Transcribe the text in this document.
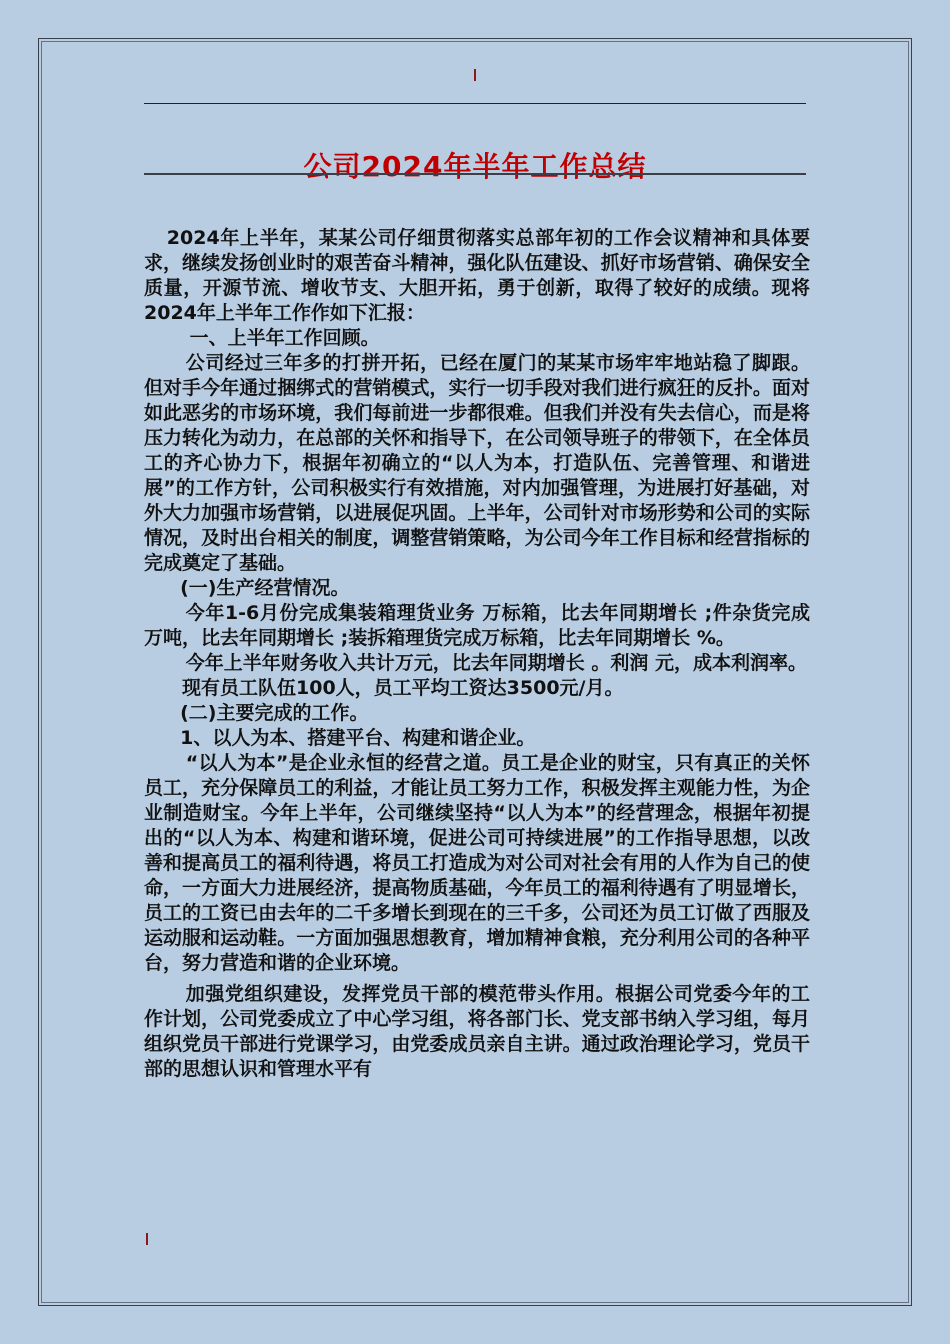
公司2024年半年工作总结

2024年上半年，某某公司仔细贯彻落实总部年初的工作会议精神和具体要求，继续发扬创业时的艰苦奋斗精神，强化队伍建设、抓好市场营销、确保安全质量，开源节流、增收节支、大胆开拓，勇于创新，取得了较好的成绩。现将2024年上半年工作作如下汇报：

一、上半年工作回顾。

公司经过三年多的打拼开拓，已经在厦门的某某市场牢牢地站稳了脚跟。但对手今年通过捆绑式的营销模式，实行一切手段对我们进行疯狂的反扑。面对如此恶劣的市场环境，我们每前进一步都很难。但我们并没有失去信心，而是将压力转化为动力，在总部的关怀和指导下，在公司领导班子的带领下，在全体员工的齐心协力下，根据年初确立的“以人为本，打造队伍、完善管理、和谐进展”的工作方针，公司积极实行有效措施，对内加强管理，为进展打好基础，对外大力加强市场营销，以进展促巩固。上半年，公司针对市场形势和公司的实际情况，及时出台相关的制度，调整营销策略，为公司今年工作目标和经营指标的完成奠定了基础。

(一)生产经营情况。

今年1-6月份完成集装箱理货业务 万标箱，比去年同期增长 ;件杂货完成 万吨，比去年同期增长 ;装拆箱理货完成万标箱，比去年同期增长 %。

今年上半年财务收入共计万元，比去年同期增长 。利润 元，成本利润率。

现有员工队伍100人，员工平均工资达3500元/月。

(二)主要完成的工作。

1、以人为本、搭建平台、构建和谐企业。

“以人为本”是企业永恒的经营之道。员工是企业的财宝，只有真正的关怀员工，充分保障员工的利益，才能让员工努力工作，积极发挥主观能力性，为企业制造财宝。今年上半年，公司继续坚持“以人为本”的经营理念，根据年初提出的“以人为本、构建和谐环境，促进公司可持续进展”的工作指导思想，以改善和提高员工的福利待遇，将员工打造成为对公司对社会有用的人作为自己的使命，一方面大力进展经济，提高物质基础，今年员工的福利待遇有了明显增长，员工的工资已由去年的二千多增长到现在的三千多，公司还为员工订做了西服及运动服和运动鞋。一方面加强思想教育，增加精神食粮，充分利用公司的各种平台，努力营造和谐的企业环境。

加强党组织建设，发挥党员干部的模范带头作用。根据公司党委今年的工作计划，公司党委成立了中心学习组，将各部门长、党支部书纳入学习组，每月组织党员干部进行党课学习，由党委成员亲自主讲。通过政治理论学习，党员干部的思想认识和管理水平有
